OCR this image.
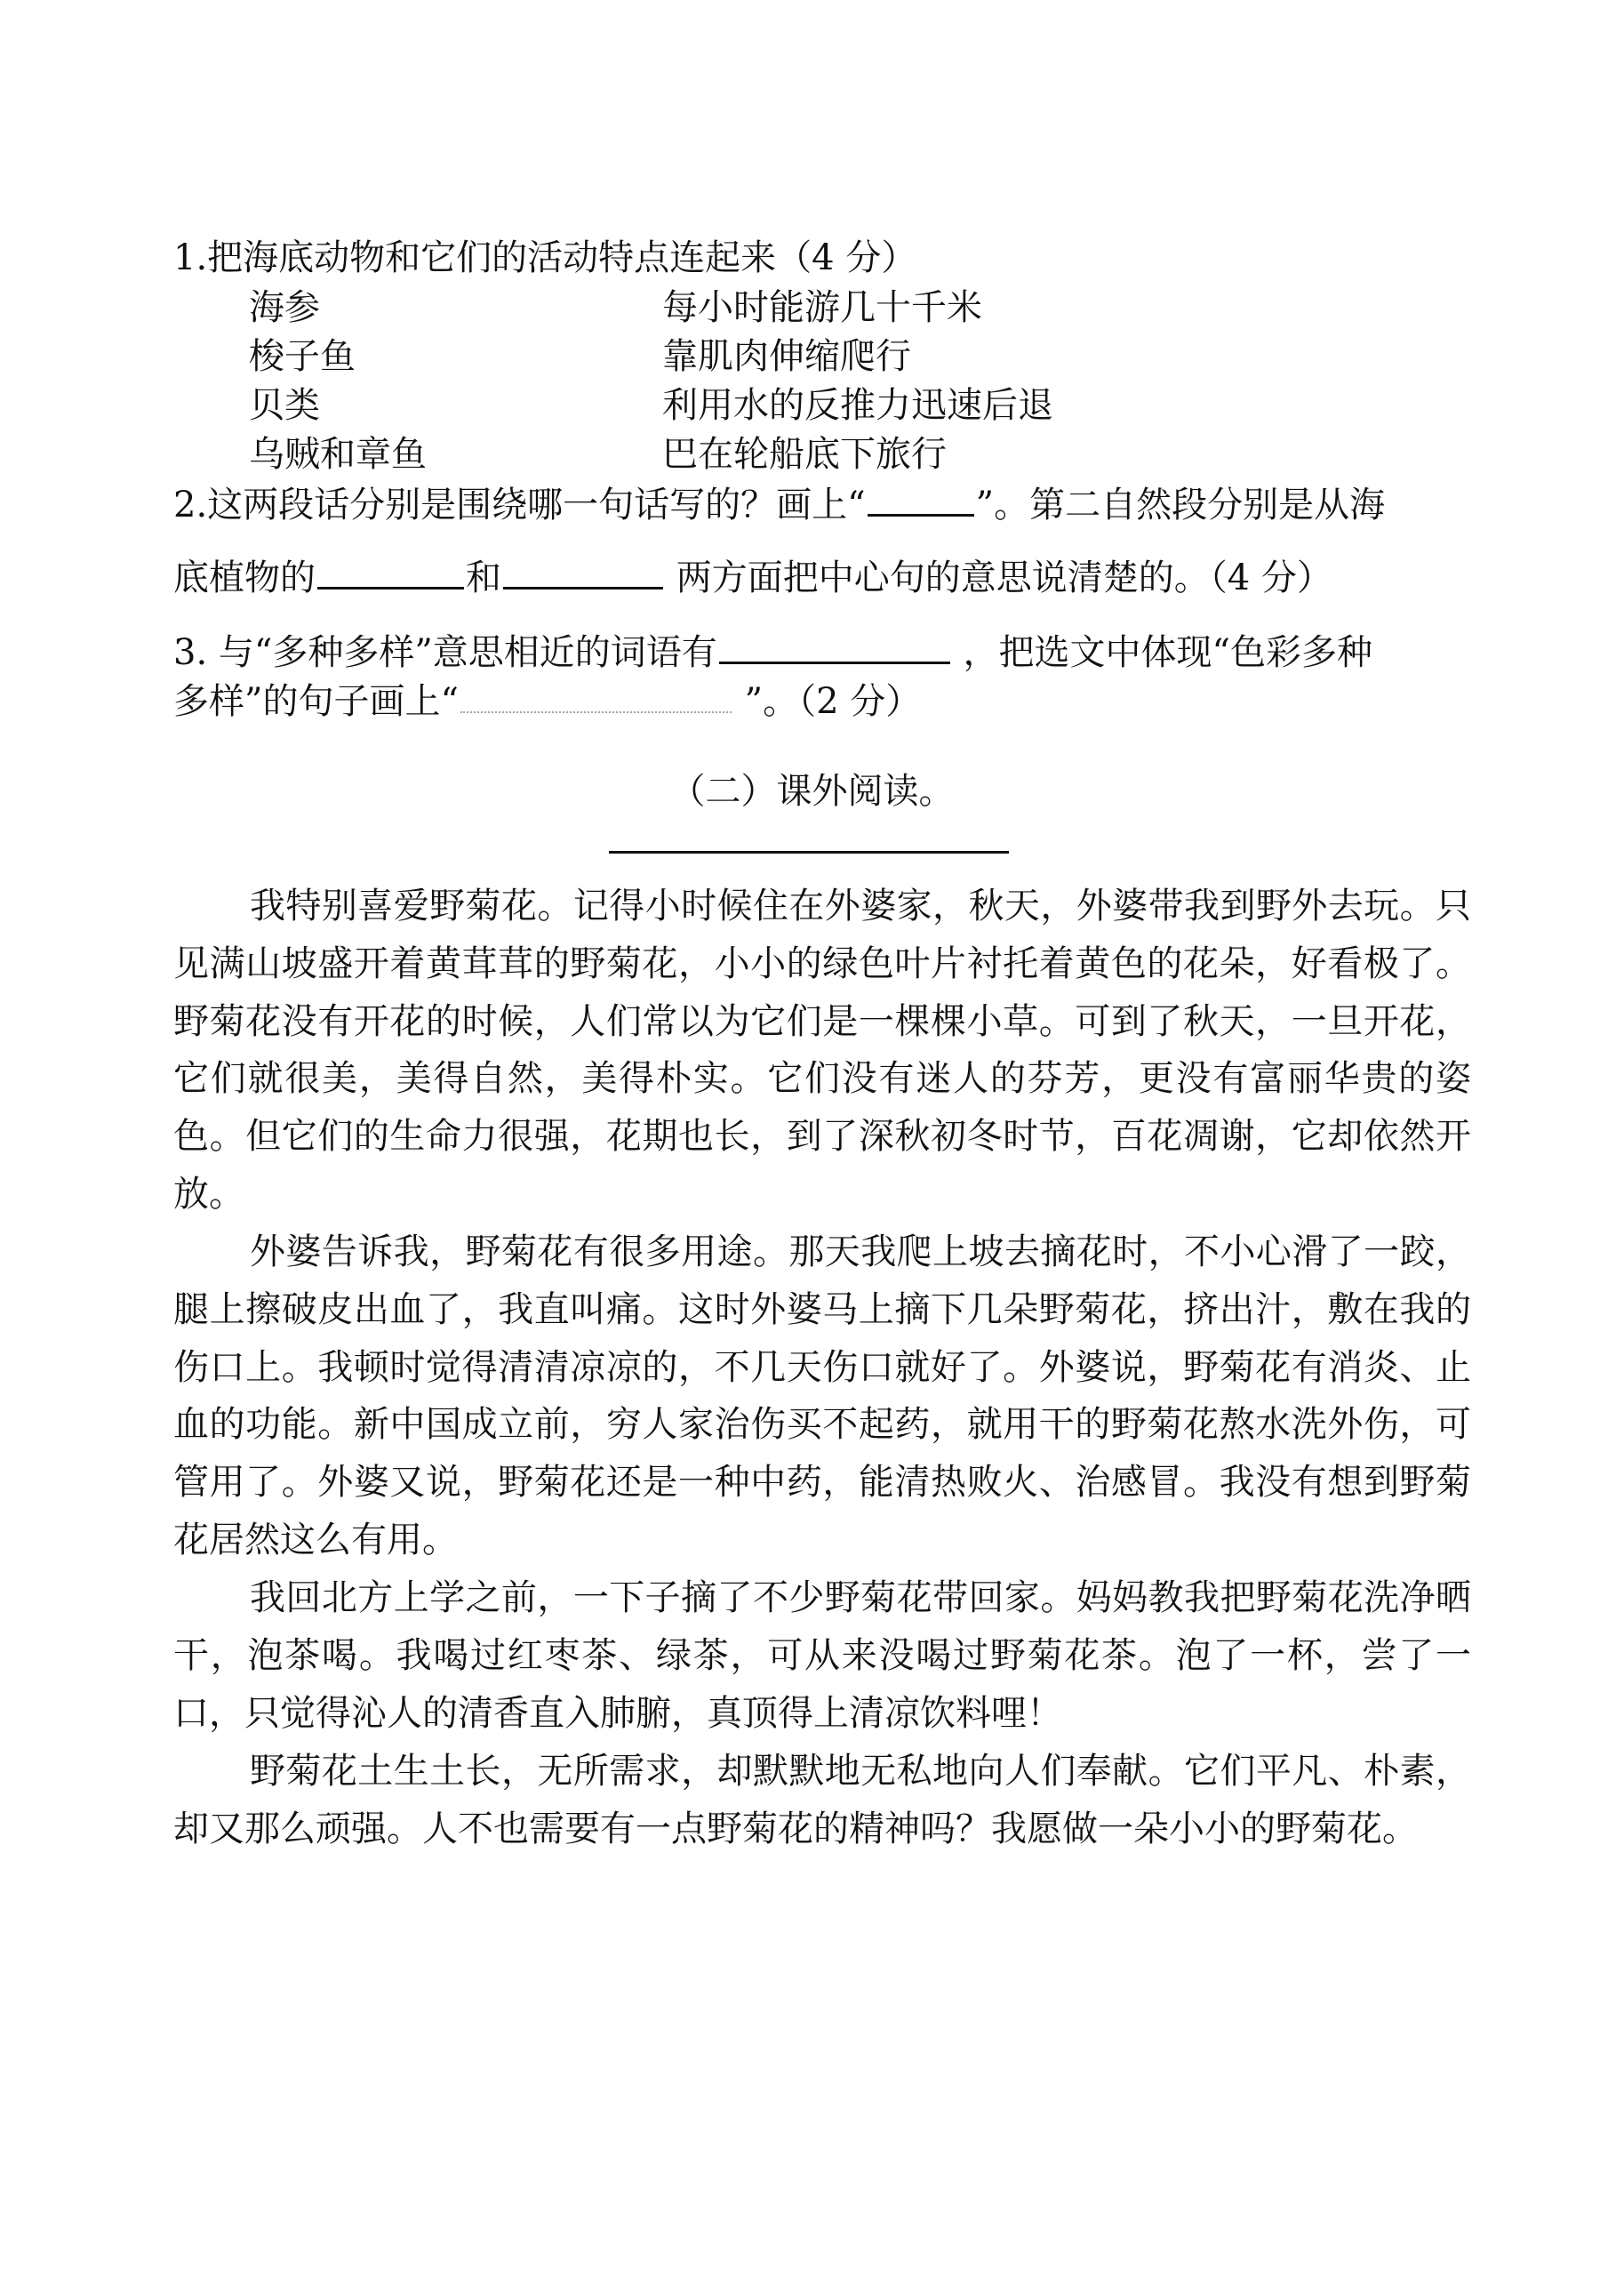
1.把海底动物和它们的活动特点连起来（4 分）
海参	每小时能游几十千米
梭子鱼	靠肌肉伸缩爬行
贝类	利用水的反推力迅速后退
乌贼和章鱼	巴在轮船底下旅行
2.这两段话分别是围绕哪一句话写的？画上“	”。第二自然段分别是从海
底植物的	和	两方面把中心句的意思说清楚的。（4 分）
3. 与“多种多样”意思相近的词语有	，把选文中体现“色彩多种
多样”的句子画上“	”。（2 分）
（二）课外阅读。
我特别喜爱野菊花。记得小时候住在外婆家，秋天，外婆带我到野外去玩。只见满山坡盛开着黄茸茸的野菊花，小小的绿色叶片衬托着黄色的花朵，好看极了。野菊花没有开花的时候，人们常以为它们是一棵棵小草。可到了秋天，一旦开花，它们就很美，美得自然，美得朴实。它们没有迷人的芬芳，更没有富丽华贵的姿色。但它们的生命力很强，花期也长，到了深秋初冬时节，百花凋谢，它却依然开放。
外婆告诉我，野菊花有很多用途。那天我爬上坡去摘花时，不小心滑了一跤，腿上擦破皮出血了，我直叫痛。这时外婆马上摘下几朵野菊花，挤出汁，敷在我的伤口上。我顿时觉得清清凉凉的，不几天伤口就好了。外婆说，野菊花有消炎、止血的功能。新中国成立前，穷人家治伤买不起药，就用干的野菊花熬水洗外伤，可管用了。外婆又说，野菊花还是一种中药，能清热败火、治感冒。我没有想到野菊花居然这么有用。
我回北方上学之前，一下子摘了不少野菊花带回家。妈妈教我把野菊花洗净晒干，泡茶喝。我喝过红枣茶、绿茶，可从来没喝过野菊花茶。泡了一杯，尝了一口，只觉得沁人的清香直入肺腑，真顶得上清凉饮料哩！
野菊花土生土长，无所需求，却默默地无私地向人们奉献。它们平凡、朴素，却又那么顽强。人不也需要有一点野菊花的精神吗？我愿做一朵小小的野菊花。
